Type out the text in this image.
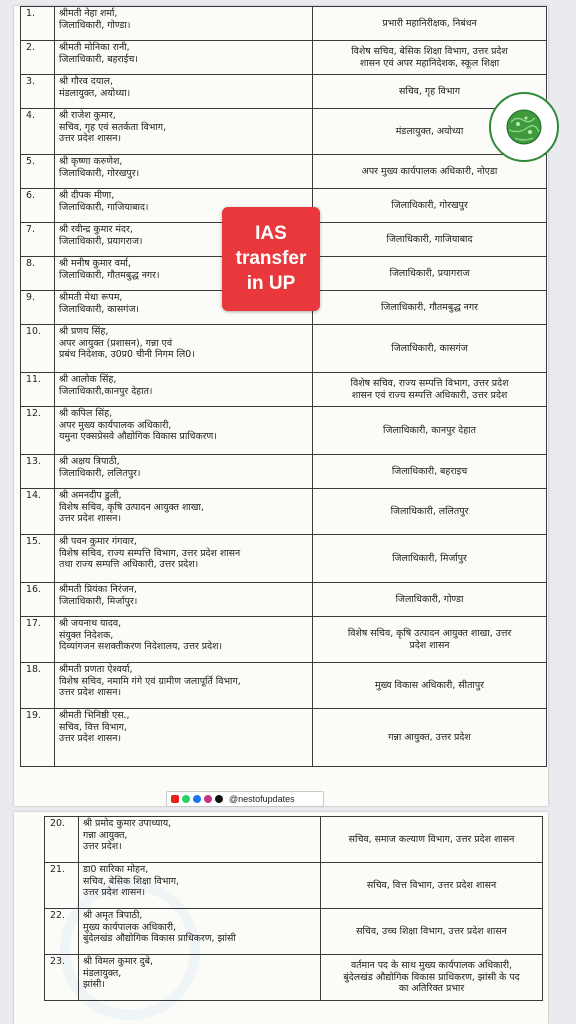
1.	श्रीमती नेहा शर्मा,
जिलाधिकारी, गोण्डा।	प्रभारी महानिरीक्षक, निबंधन
2.	श्रीमती मोनिका रानी,
जिलाधिकारी, बहराईच।	विशेष सचिव, बेसिक शिक्षा विभाग, उत्तर प्रदेश
शासन एवं अपर महानिदेशक, स्कूल शिक्षा
3.	श्री गौरव दयाल,
मंडलायुक्त, अयोध्या।	सचिव, गृह विभाग
4.	श्री राजेश कुमार,
सचिव, गृह एवं सतर्कता विभाग,
उत्तर प्रदेश शासन।	मंडलायुक्त, अयोध्या
5.	श्री कृष्णा करुणेश,
जिलाधिकारी, गोरखपुर।	अपर मुख्य कार्यपालक अधिकारी, नोएडा
6.	श्री दीपक मीणा,
जिलाधिकारी, गाजियाबाद।	जिलाधिकारी, गोरखपुर
7.	श्री रवीन्द्र कुमार मंदर,
जिलाधिकारी, प्रयागराज।	जिलाधिकारी, गाजियाबाद
8.	श्री मनीष कुमार वर्मा,
जिलाधिकारी, गौतमबुद्ध नगर।	जिलाधिकारी, प्रयागराज
9.	श्रीमती मेधा रूपम,
जिलाधिकारी, कासगंज।	जिलाधिकारी, गौतमबुद्ध नगर
10.	श्री प्रणय सिंह,
अपर आयुक्त (प्रशासन), गन्ना एवं
प्रबंध निदेशक, उ0प्र0 चीनी निगम लि0।	जिलाधिकारी, कासगंज
11.	श्री आलोक सिंह,
जिलाधिकारी,कानपुर देहात।	विशेष सचिव, राज्य सम्पत्ति विभाग, उत्तर प्रदेश
शासन एवं राज्य सम्पत्ति अधिकारी, उत्तर प्रदेश
12.	श्री कपिल सिंह,
अपर मुख्य कार्यपालक अधिकारी,
यमुना एक्सप्रेसवे औद्योगिक विकास प्राधिकरण।	जिलाधिकारी, कानपुर देहात
13.	श्री अक्षय त्रिपाठी,
जिलाधिकारी, ललितपुर।	जिलाधिकारी, बहराइच
14.	श्री अमनदीप डुली,
विशेष सचिव, कृषि उत्पादन आयुक्त शाखा,
उत्तर प्रदेश शासन।	जिलाधिकारी, ललितपुर
15.	श्री पवन कुमार गंगवार,
विशेष सचिव, राज्य सम्पत्ति विभाग, उत्तर प्रदेश शासन
तथा राज्य सम्पत्ति अधिकारी, उत्तर प्रदेश।	जिलाधिकारी, मिर्जापुर
16.	श्रीमती प्रियंका निरंजन,
जिलाधिकारी, मिर्जापुर।	जिलाधिकारी, गोण्डा
17.	श्री जयनाथ यादव,
संयुक्त निदेशक,
दिव्यांगजन सशक्तीकरण निदेशालय, उत्तर प्रदेश।	विशेष सचिव, कृषि उत्पादन आयुक्त शाखा, उत्तर
प्रदेश शासन
18.	श्रीमती प्रणता ऐश्वर्या,
विशेष सचिव, नमामि गंगे एवं ग्रामीण जलापूर्ति विभाग,
उत्तर प्रदेश शासन।	मुख्य विकास अधिकारी, सीतापुर
19.	श्रीमती भिनिष्ठी एस.,
सचिव, वित्त विभाग,
उत्तर प्रदेश शासन।	गन्ना आयुक्त, उत्तर प्रदेश
20.	श्री प्रमोद कुमार उपाध्याय,
गन्ना आयुक्त,
उत्तर प्रदेश।	सचिव, समाज कल्याण विभाग, उत्तर प्रदेश शासन
21.	डा0 सारिका मोहन,
सचिव, बेसिक शिक्षा विभाग,
उत्तर प्रदेश शासन।	सचिव, वित्त विभाग, उत्तर प्रदेश शासन
22.	श्री अमृत त्रिपाठी,
मुख्य कार्यपालक अधिकारी,
बुंदेलखंड औद्योगिक विकास प्राधिकरण, झांसी	सचिव, उच्च शिक्षा विभाग, उत्तर प्रदेश शासन
23.	श्री विमल कुमार दुबे,
मंडलायुक्त,
झांसी।	वर्तमान पद के साथ मुख्य कार्यपालक अधिकारी,
बुंदेलखंड औद्योगिक विकास प्राधिकरण, झांसी के पद
का अतिरिक्त प्रभार
IAS
transfer
in UP
@nestofupdates
